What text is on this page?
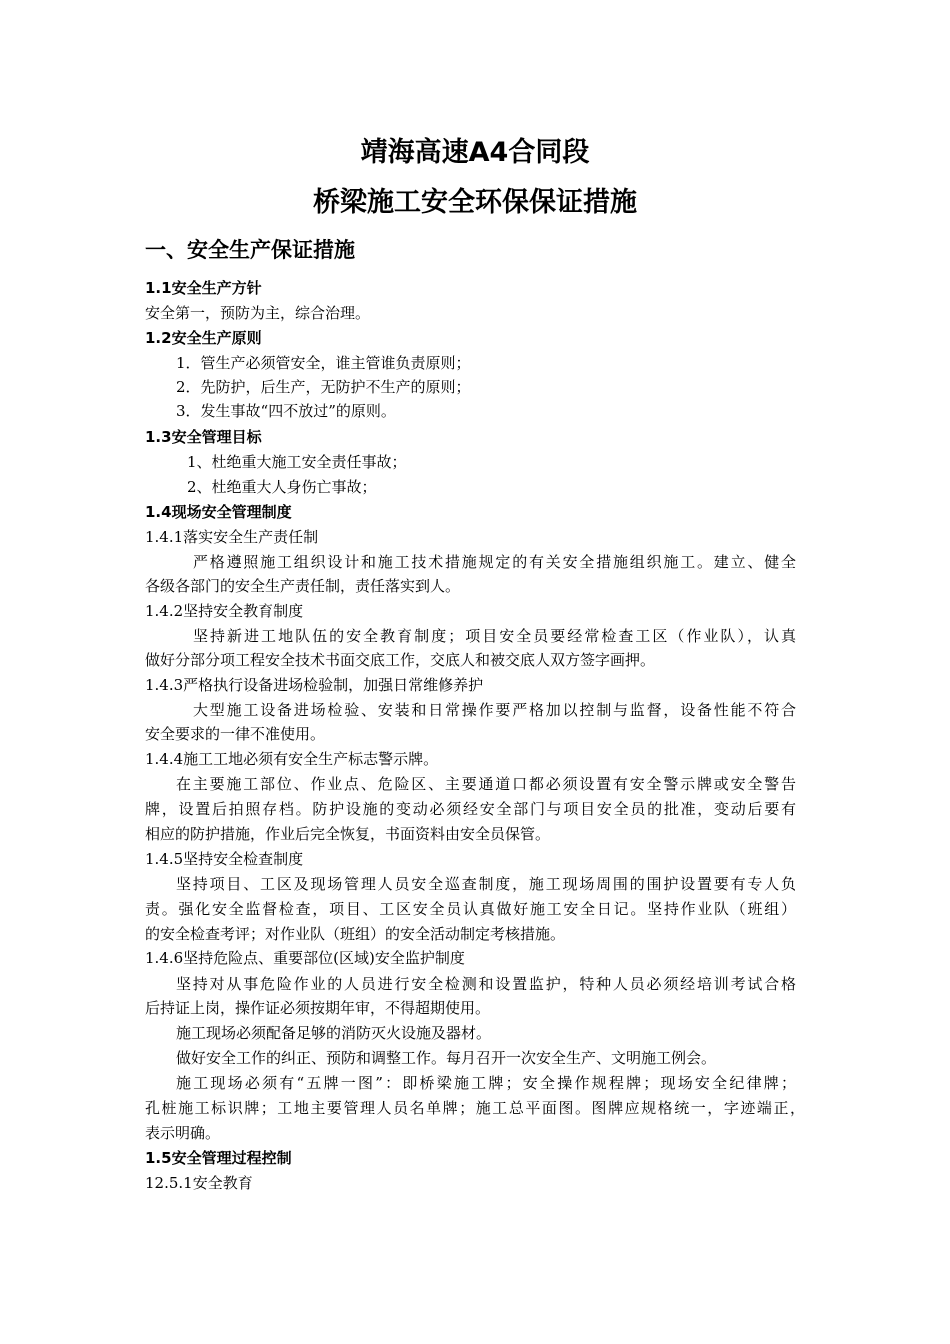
靖海高速A4合同段
桥梁施工安全环保保证措施
一、安全生产保证措施
1.1安全生产方针
安全第一，预防为主，综合治理。
1.2安全生产原则
1．管生产必须管安全，谁主管谁负责原则；
2．先防护，后生产，无防护不生产的原则；
3．发生事故“四不放过”的原则。
1.3安全管理目标
1、杜绝重大施工安全责任事故；
2、杜绝重大人身伤亡事故；
1.4现场安全管理制度
1.4.1落实安全生产责任制
严格遵照施工组织设计和施工技术措施规定的有关安全措施组织施工。建立、健全
各级各部门的安全生产责任制，责任落实到人。
1.4.2坚持安全教育制度
坚持新进工地队伍的安全教育制度；项目安全员要经常检查工区（作业队），认真
做好分部分项工程安全技术书面交底工作，交底人和被交底人双方签字画押。
1.4.3严格执行设备进场检验制，加强日常维修养护
大型施工设备进场检验、安装和日常操作要严格加以控制与监督，设备性能不符合
安全要求的一律不准使用。
1.4.4施工工地必须有安全生产标志警示牌。
在主要施工部位、作业点、危险区、主要通道口都必须设置有安全警示牌或安全警告
牌，设置后拍照存档。防护设施的变动必须经安全部门与项目安全员的批准，变动后要有
相应的防护措施，作业后完全恢复，书面资料由安全员保管。
1.4.5坚持安全检查制度
坚持项目、工区及现场管理人员安全巡查制度，施工现场周围的围护设置要有专人负
责。强化安全监督检查，项目、工区安全员认真做好施工安全日记。坚持作业队（班组）
的安全检查考评；对作业队（班组）的安全活动制定考核措施。
1.4.6坚持危险点、重要部位(区域)安全监护制度
坚持对从事危险作业的人员进行安全检测和设置监护，特种人员必须经培训考试合格
后持证上岗，操作证必须按期年审，不得超期使用。
施工现场必须配备足够的消防灭火设施及器材。
做好安全工作的纠正、预防和调整工作。每月召开一次安全生产、文明施工例会。
施工现场必须有“五牌一图”：即桥梁施工牌；安全操作规程牌；现场安全纪律牌；
孔桩施工标识牌；工地主要管理人员名单牌；施工总平面图。图牌应规格统一，字迹端正，
表示明确。
1.5安全管理过程控制
12.5.1安全教育
